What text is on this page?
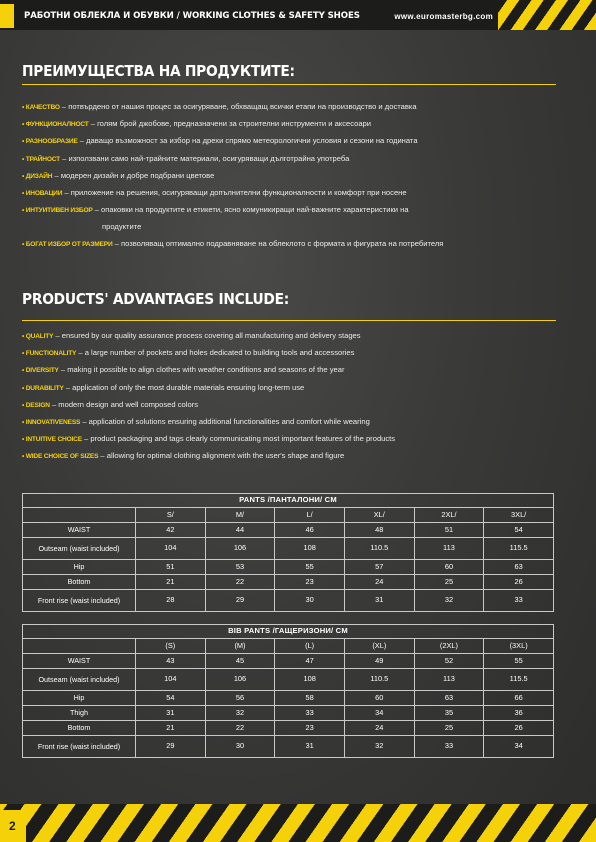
РАБОТНИ ОБЛЕКЛА И ОБУВКИ / WORKING CLOTHES & SAFETY SHOES	www.euromasterbg.com
ПРЕИМУЩЕСТВА НА ПРОДУКТИТЕ:
• КАЧЕСТВО – потвърдено от нашия процес за осигуряване, обхващащ всички етапи на производство и доставка
• ФУНКЦИОНАЛНОСТ – голям брой джобове, предназначени за строителни инструменти и аксесоари
• РАЗНООБРАЗИЕ – даващо възможност за избор на дрехи спрямо метеорологични условия и сезони на годината
• ТРАЙНОСТ – използвани само най-трайните материали, осигуряващи дълготрайна употреба
• ДИЗАЙН – модерен дизайн и добре подбрани цветове
• ИНОВАЦИИ – приложение на решения, осигуряващи допълнителни функционалности и комфорт при носене
• ИНТУИТИВЕН ИЗБОР – опаковки на продуктите и етикети, ясно комуникиращи най-важните характеристики на
продуктите
• БОГАТ ИЗБОР ОТ РАЗМЕРИ – позволяващ оптимално подравняване на облеклото с формата и фигурата на потребителя
PRODUCTS' ADVANTAGES INCLUDE:
• QUALITY – ensured by our quality assurance process covering all manufacturing and delivery stages
• FUNCTIONALITY – a large number of pockets and holes dedicated to building tools and accessories
• DIVERSITY – making it possible to align clothes with weather conditions and seasons of the year
• DURABILITY – application of only the most durable materials ensuring long-term use
• DESIGN – modern design and well composed colors
• INNOVATIVENESS – application of solutions ensuring additional functionalities and comfort while wearing
• INTUITIVE CHOICE – product packaging and tags clearly communicating most important features of the products
• WIDE CHOICE OF SIZES – allowing for optimal clothing alignment with the user's shape and figure
PANTS /ПАНТАЛОНИ/ CM						
	S/	M/	L/	XL/	2XL/	3XL/
WAIST	42	44	46	48	51	54
Outseam (waist included)	104	106	108	110.5	113	115.5
Hip	51	53	55	57	60	63
Bottom	21	22	23	24	25	26
Front rise (waist included)	28	29	30	31	32	33
BIB PANTS /ГАЩЕРИЗОНИ/ CM						
	(S)	(M)	(L)	(XL)	(2XL)	(3XL)
WAIST	43	45	47	49	52	55
Outseam (waist included)	104	106	108	110.5	113	115.5
Hip	54	56	58	60	63	66
Thigh	31	32	33	34	35	36
Bottom	21	22	23	24	25	26
Front rise (waist included)	29	30	31	32	33	34
2
